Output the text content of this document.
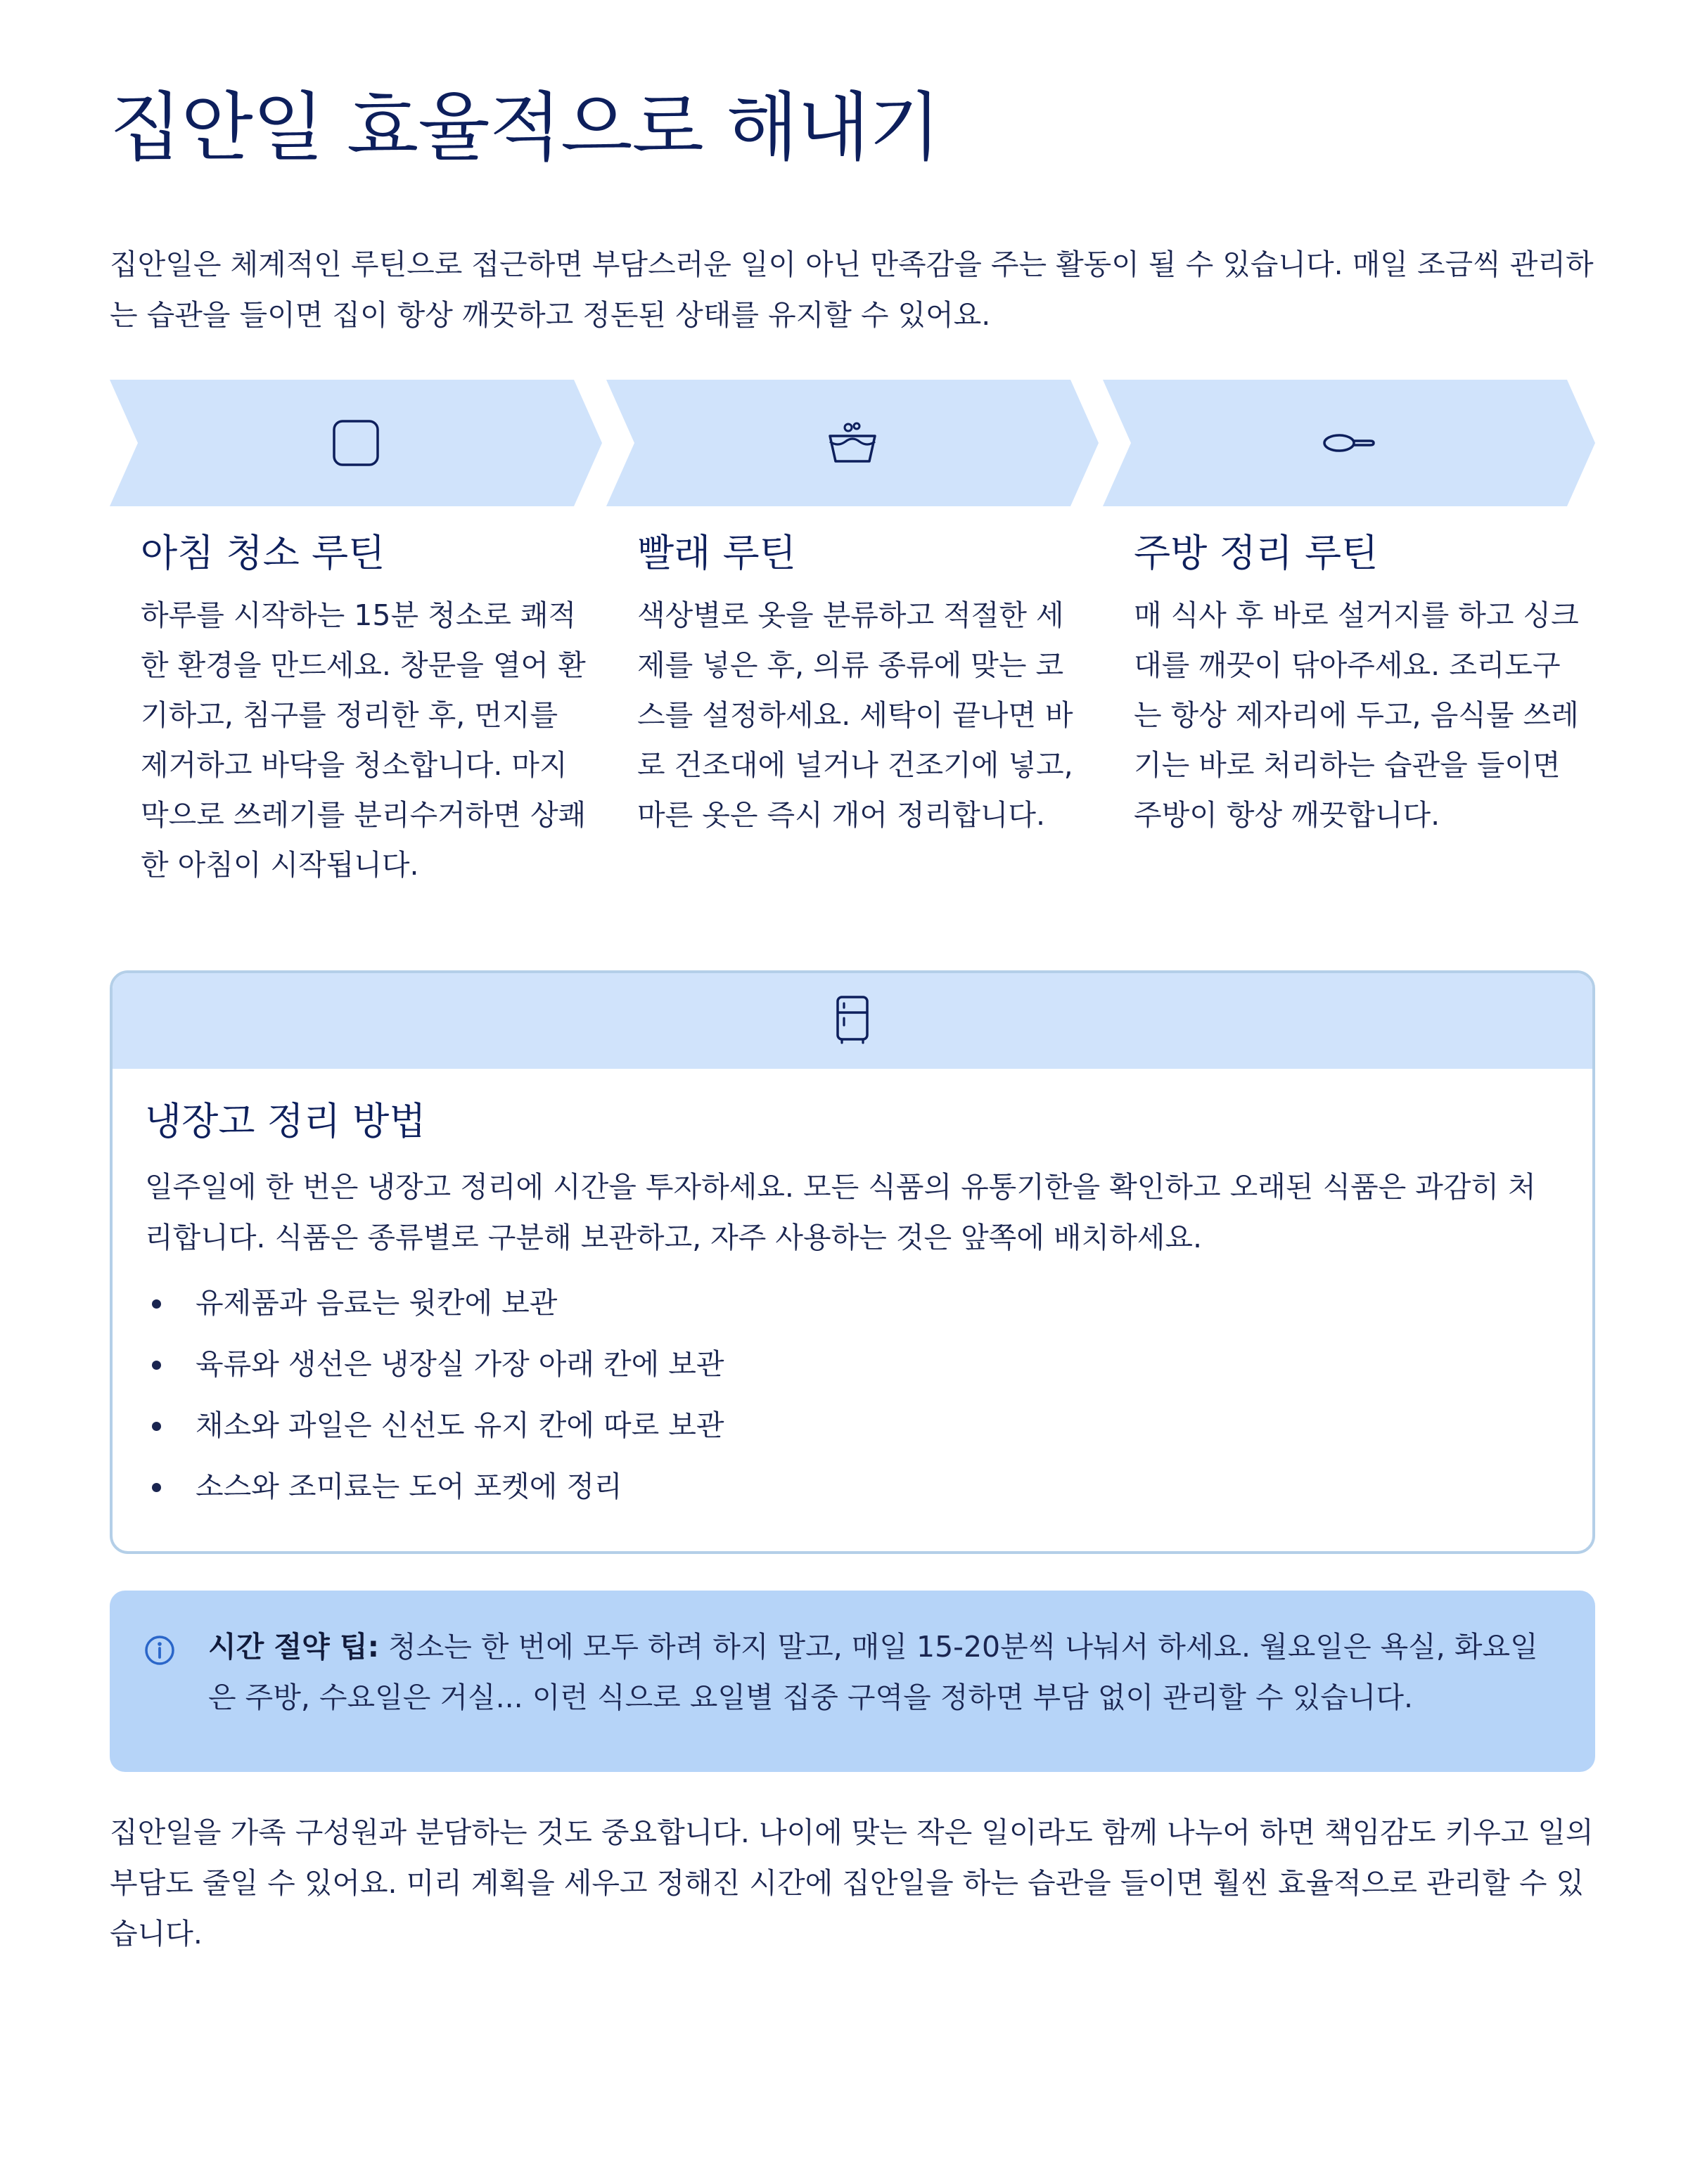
집안일 효율적으로 해내기

집안일은 체계적인 루틴으로 접근하면 부담스러운 일이 아닌 만족감을 주는 활동이 될 수 있습니다. 매일 조금씩 관리하는 습관을 들이면 집이 항상 깨끗하고 정돈된 상태를 유지할 수 있어요.

아침 청소 루틴

하루를 시작하는 15분 청소로 쾌적한 환경을 만드세요. 창문을 열어 환기하고, 침구를 정리한 후, 먼지를 제거하고 바닥을 청소합니다. 마지막으로 쓰레기를 분리수거하면 상쾌한 아침이 시작됩니다.

빨래 루틴

색상별로 옷을 분류하고 적절한 세제를 넣은 후, 의류 종류에 맞는 코스를 설정하세요. 세탁이 끝나면 바로 건조대에 널거나 건조기에 넣고, 마른 옷은 즉시 개어 정리합니다.

주방 정리 루틴

매 식사 후 바로 설거지를 하고 싱크대를 깨끗이 닦아주세요. 조리도구는 항상 제자리에 두고, 음식물 쓰레기는 바로 처리하는 습관을 들이면 주방이 항상 깨끗합니다.

냉장고 정리 방법

일주일에 한 번은 냉장고 정리에 시간을 투자하세요. 모든 식품의 유통기한을 확인하고 오래된 식품은 과감히 처리합니다. 식품은 종류별로 구분해 보관하고, 자주 사용하는 것은 앞쪽에 배치하세요.

유제품과 음료는 윗칸에 보관
육류와 생선은 냉장실 가장 아래 칸에 보관
채소와 과일은 신선도 유지 칸에 따로 보관
소스와 조미료는 도어 포켓에 정리

시간 절약 팁: 청소는 한 번에 모두 하려 하지 말고, 매일 15-20분씩 나눠서 하세요. 월요일은 욕실, 화요일은 주방, 수요일은 거실... 이런 식으로 요일별 집중 구역을 정하면 부담 없이 관리할 수 있습니다.

집안일을 가족 구성원과 분담하는 것도 중요합니다. 나이에 맞는 작은 일이라도 함께 나누어 하면 책임감도 키우고 일의 부담도 줄일 수 있어요. 미리 계획을 세우고 정해진 시간에 집안일을 하는 습관을 들이면 훨씬 효율적으로 관리할 수 있습니다.
